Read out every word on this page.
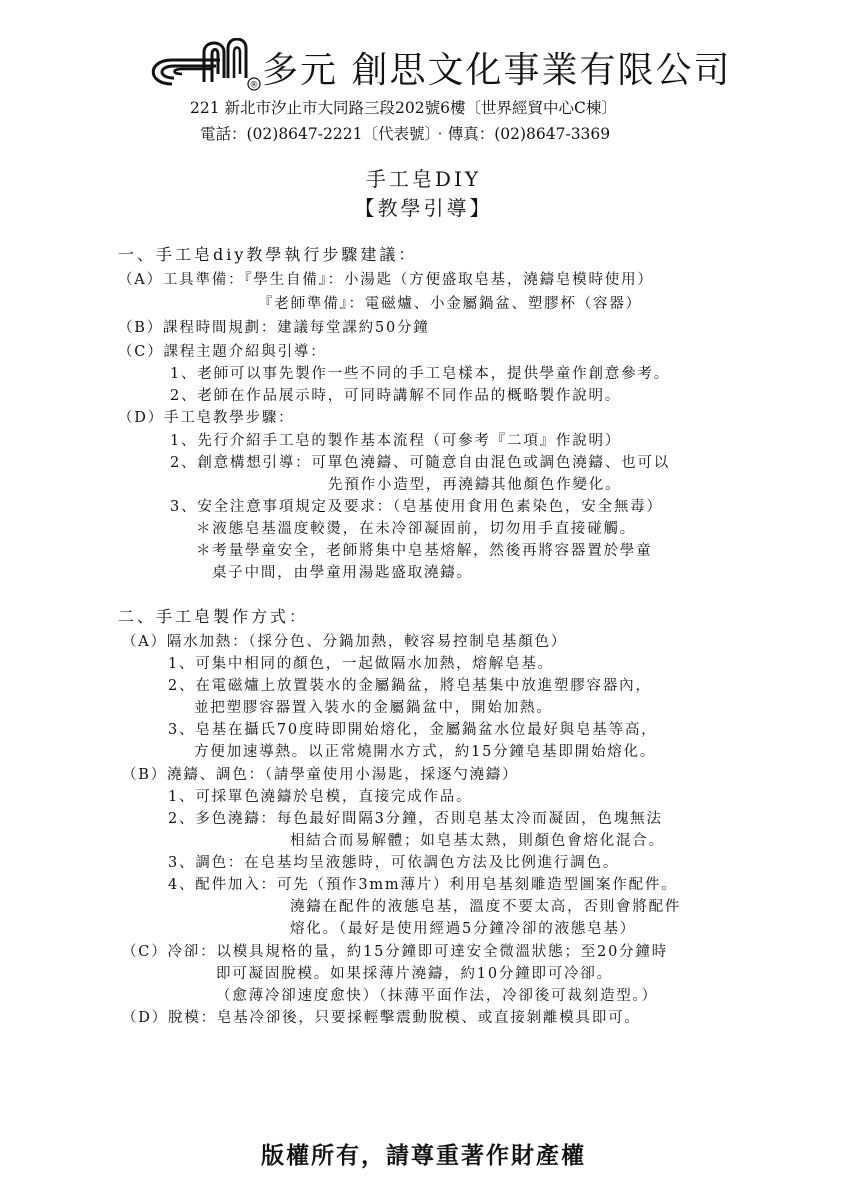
® 多元 創思文化事業有限公司
221 新北市汐止市大同路三段202號6樓〔世界經貿中心C棟〕
電話：(02)8647-2221〔代表號〕‧傳真：(02)8647-3369
手工皂DIY
【教學引導】
一、手工皂diy教學執行步驟建議：
（A）工具準備：『學生自備』：小湯匙（方便盛取皂基，澆鑄皂模時使用）
『老師準備』：電磁爐、小金屬鍋盆、塑膠杯（容器）
（B）課程時間規劃：建議每堂課約50分鐘
（C）課程主題介紹與引導：
1、老師可以事先製作一些不同的手工皂樣本，提供學童作創意參考。
2、老師在作品展示時，可同時講解不同作品的概略製作說明。
（D）手工皂教學步驟：
1、先行介紹手工皂的製作基本流程（可參考『二項』作說明）
2、創意構想引導：可單色澆鑄、可隨意自由混色或調色澆鑄、也可以
先預作小造型，再澆鑄其他顏色作變化。
3、安全注意事項規定及要求：（皂基使用食用色素染色，安全無毒）
＊液態皂基溫度較燙，在未冷卻凝固前，切勿用手直接碰觸。
＊考量學童安全，老師將集中皂基熔解，然後再將容器置於學童
桌子中間，由學童用湯匙盛取澆鑄。
二、手工皂製作方式：
（A）隔水加熱：（採分色、分鍋加熱，較容易控制皂基顏色）
1、可集中相同的顏色，一起做隔水加熱，熔解皂基。
2、在電磁爐上放置裝水的金屬鍋盆，將皂基集中放進塑膠容器內，
並把塑膠容器置入裝水的金屬鍋盆中，開始加熱。
3、皂基在攝氏70度時即開始熔化，金屬鍋盆水位最好與皂基等高，
方便加速導熱。以正常燒開水方式，約15分鐘皂基即開始熔化。
（B）澆鑄、調色：（請學童使用小湯匙，採逐勺澆鑄）
1、可採單色澆鑄於皂模，直接完成作品。
2、多色澆鑄：每色最好間隔3分鐘，否則皂基太冷而凝固，色塊無法
相結合而易解體；如皂基太熱，則顏色會熔化混合。
3、調色：在皂基均呈液態時，可依調色方法及比例進行調色。
4、配件加入：可先（預作3mm薄片）利用皂基刻雕造型圖案作配件。
澆鑄在配件的液態皂基，溫度不要太高，否則會將配件
熔化。（最好是使用經過5分鐘冷卻的液態皂基）
（C）冷卻：以模具規格的量，約15分鐘即可達安全微溫狀態；至20分鐘時
即可凝固脫模。如果採薄片澆鑄，約10分鐘即可冷卻。
（愈薄冷卻速度愈快）（抹薄平面作法，冷卻後可裁刻造型。）
（D）脫模：皂基冷卻後，只要採輕擊震動脫模、或直接剝離模具即可。
版權所有，請尊重著作財產權
